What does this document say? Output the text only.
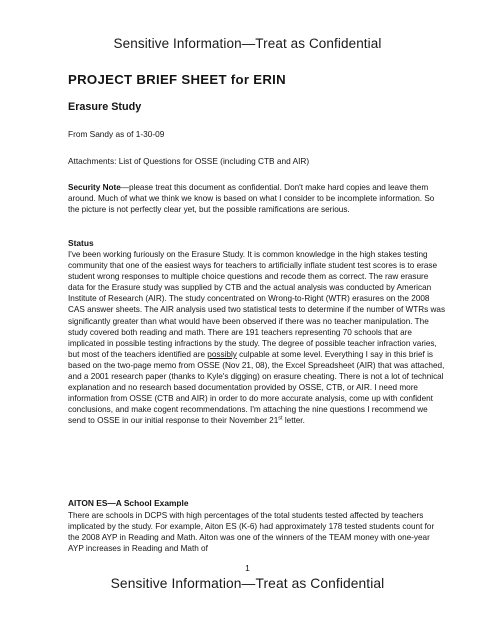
Sensitive Information—Treat as Confidential
PROJECT BRIEF SHEET for ERIN
Erasure Study
From Sandy as of 1-30-09
Attachments: List of Questions for OSSE (including CTB and AIR)
Security Note—please treat this document as confidential. Don't make hard copies and leave them around. Much of what we think we know is based on what I consider to be incomplete information. So the picture is not perfectly clear yet, but the possible ramifications are serious.
Status
I've been working furiously on the Erasure Study. It is common knowledge in the high stakes testing community that one of the easiest ways for teachers to artificially inflate student test scores is to erase student wrong responses to multiple choice questions and recode them as correct. The raw erasure data for the Erasure study was supplied by CTB and the actual analysis was conducted by American Institute of Research (AIR). The study concentrated on Wrong-to-Right (WTR) erasures on the 2008 CAS answer sheets. The AIR analysis used two statistical tests to determine if the number of WTRs was significantly greater than what would have been observed if there was no teacher manipulation. The study covered both reading and math. There are 191 teachers representing 70 schools that are implicated in possible testing infractions by the study. The degree of possible teacher infraction varies, but most of the teachers identified are possibly culpable at some level. Everything I say in this brief is based on the two-page memo from OSSE (Nov 21, 08), the Excel Spreadsheet (AIR) that was attached, and a 2001 research paper (thanks to Kyle's digging) on erasure cheating. There is not a lot of technical explanation and no research based documentation provided by OSSE, CTB, or AIR. I need more information from OSSE (CTB and AIR) in order to do more accurate analysis, come up with confident conclusions, and make cogent recommendations. I'm attaching the nine questions I recommend we send to OSSE in our initial response to their November 21st letter.
AITON ES—A School Example
There are schools in DCPS with high percentages of the total students tested affected by teachers implicated by the study. For example, Aiton ES (K-6) had approximately 178 tested students count for the 2008 AYP in Reading and Math. Aiton was one of the winners of the TEAM money with one-year AYP increases in Reading and Math of
1
Sensitive Information—Treat as Confidential
